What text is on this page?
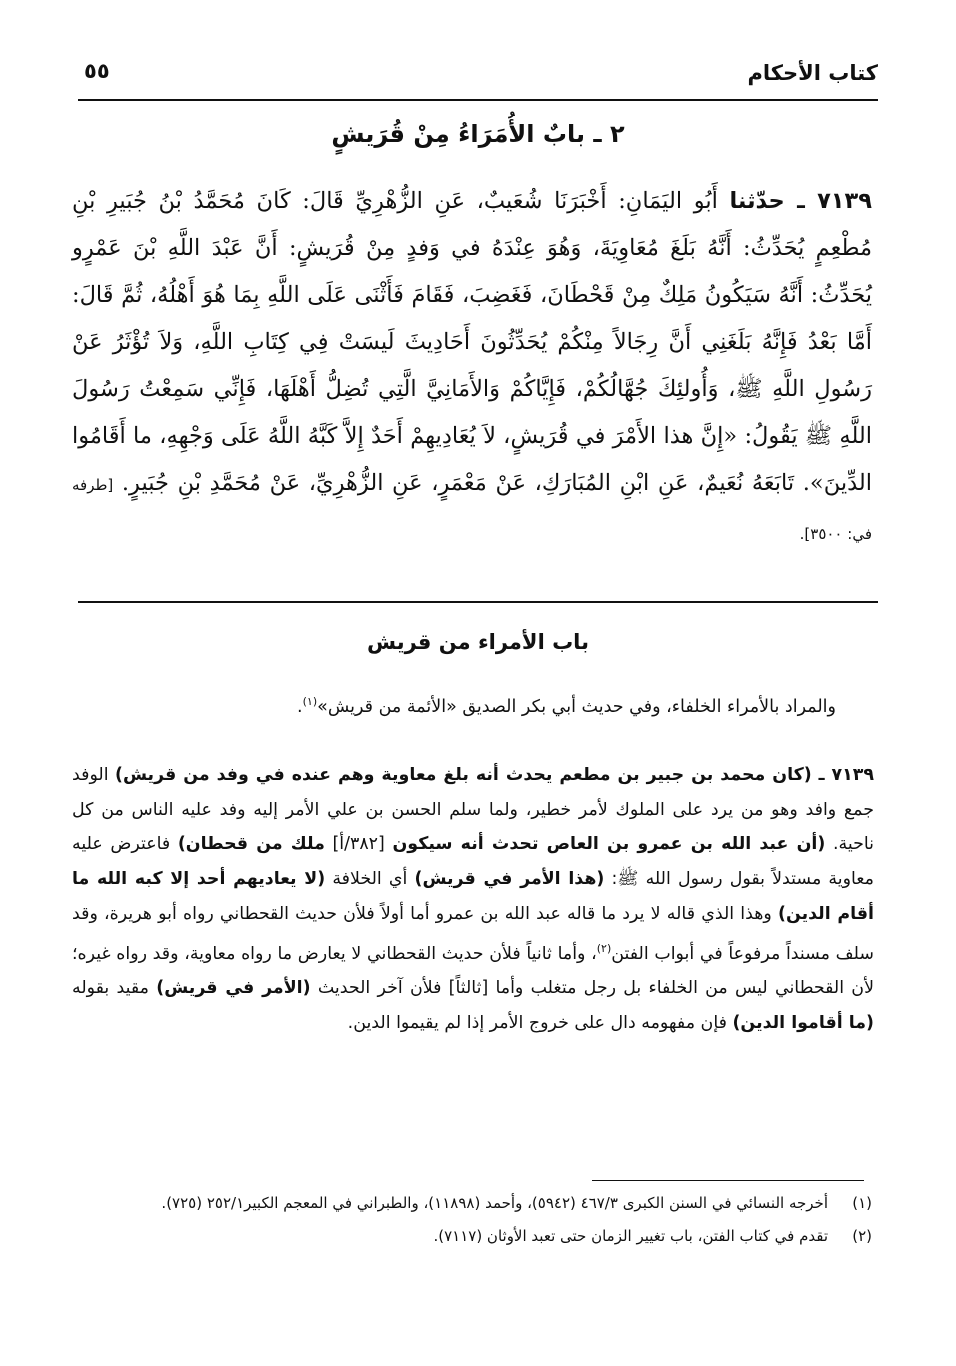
كتاب الأحكام
٥٥
٢ ـ بابٌ الأُمَرَاءُ مِنْ قُرَيشٍ
٧١٣٩ ـ حدّثنا أَبُو اليَمَانِ: أَخْبَرَنَا شُعَيبٌ، عَنِ الزُّهْرِيِّ قَالَ: كَانَ مُحَمَّدُ بْنُ جُبَيرِ بْنِ مُطْعِمٍ يُحَدِّثُ: أَنَّهُ بَلَغَ مُعَاوِيَةَ، وَهُوَ عِنْدَهُ في وَفدٍ مِنْ قُرَيشٍ: أَنَّ عَبْدَ اللَّهِ بْنَ عَمْرٍو يُحَدِّثُ: أَنَّهُ سَيَكُونُ مَلِكٌ مِنْ قَحْطَانَ، فَغَضِبَ، فَقَامَ فَأَثْنَى عَلَى اللَّهِ بِمَا هُوَ أَهْلُهُ، ثُمَّ قَالَ: أَمَّا بَعْدُ فَإِنَّهُ بَلَغَنِي أَنَّ رِجَالاً مِنْكُمْ يُحَدِّثُونَ أَحَادِيثَ لَيسَتْ فِي كِتَابِ اللَّهِ، وَلاَ تُؤْثَرُ عَنْ رَسُولِ اللَّهِ ﷺ، وَأُولئِكَ جُهَّالُكُمْ، فَإِيَّاكُمْ وَالأَمَانِيَّ الَّتِي تُضِلُّ أَهْلَهَا، فَإِنِّي سَمِعْتُ رَسُولَ اللَّهِ ﷺ يَقُولُ: «إِنَّ هذا الأَمْرَ في قُرَيشٍ، لاَ يُعَادِيهِمْ أَحَدٌ إِلاَّ كَبَّهُ اللَّهُ عَلَى وَجْهِهِ، ما أَقَامُوا الدِّينَ». تَابَعَهُ نُعَيمٌ، عَنِ ابْنِ المُبَارَكِ، عَنْ مَعْمَرٍ، عَنِ الزُّهْرِيِّ، عَنْ مُحَمَّدِ بْنِ جُبَيرٍ. [طرفه في: ٣٥٠٠].
باب الأمراء من قريش
والمراد بالأمراء الخلفاء، وفي حديث أبي بكر الصديق «الأئمة من قريش»$^{(١)}$.
٧١٣٩ ـ (كان محمد بن جبير بن مطعم يحدث أنه بلغ معاوية وهم عنده في وفد من قريش) الوفد جمع وافد وهو من يرد على الملوك لأمر خطير، ولما سلم الحسن بن علي الأمر إليه وفد عليه الناس من كل ناحية. (أن عبد الله بن عمرو بن العاص تحدث أنه سيكون [٣٨٢/أ] ملك من قحطان) فاعترض عليه معاوية مستدلاً بقول رسول الله ﷺ: (هذا الأمر في قريش) أي الخلافة (لا يعاديهم أحد إلا كبه الله ما أقام الدين) وهذا الذي قاله لا يرد ما قاله عبد الله بن عمرو أما أولاً فلأن حديث القحطاني رواه أبو هريرة، وقد سلف مسنداً مرفوعاً في أبواب الفتن$^{(٢)}$، وأما ثانياً فلأن حديث القحطاني لا يعارض ما رواه معاوية، وقد رواه غيره؛ لأن القحطاني ليس من الخلفاء بل رجل متغلب وأما [ثالثاً] فلأن آخر الحديث (الأمر في قريش) مقيد بقوله (ما أقاموا الدين) فإن مفهومه دال على خروج الأمر إذا لم يقيموا الدين.
(١)
أخرجه النسائي في السنن الكبرى ٤٦٧/٣ (٥٩٤٢)، وأحمد (١١٨٩٨)، والطبراني في المعجم الكبير٢٥٢/١ (٧٢٥).
(٢)
تقدم في كتاب الفتن، باب تغيير الزمان حتى تعبد الأوثان (٧١١٧).
